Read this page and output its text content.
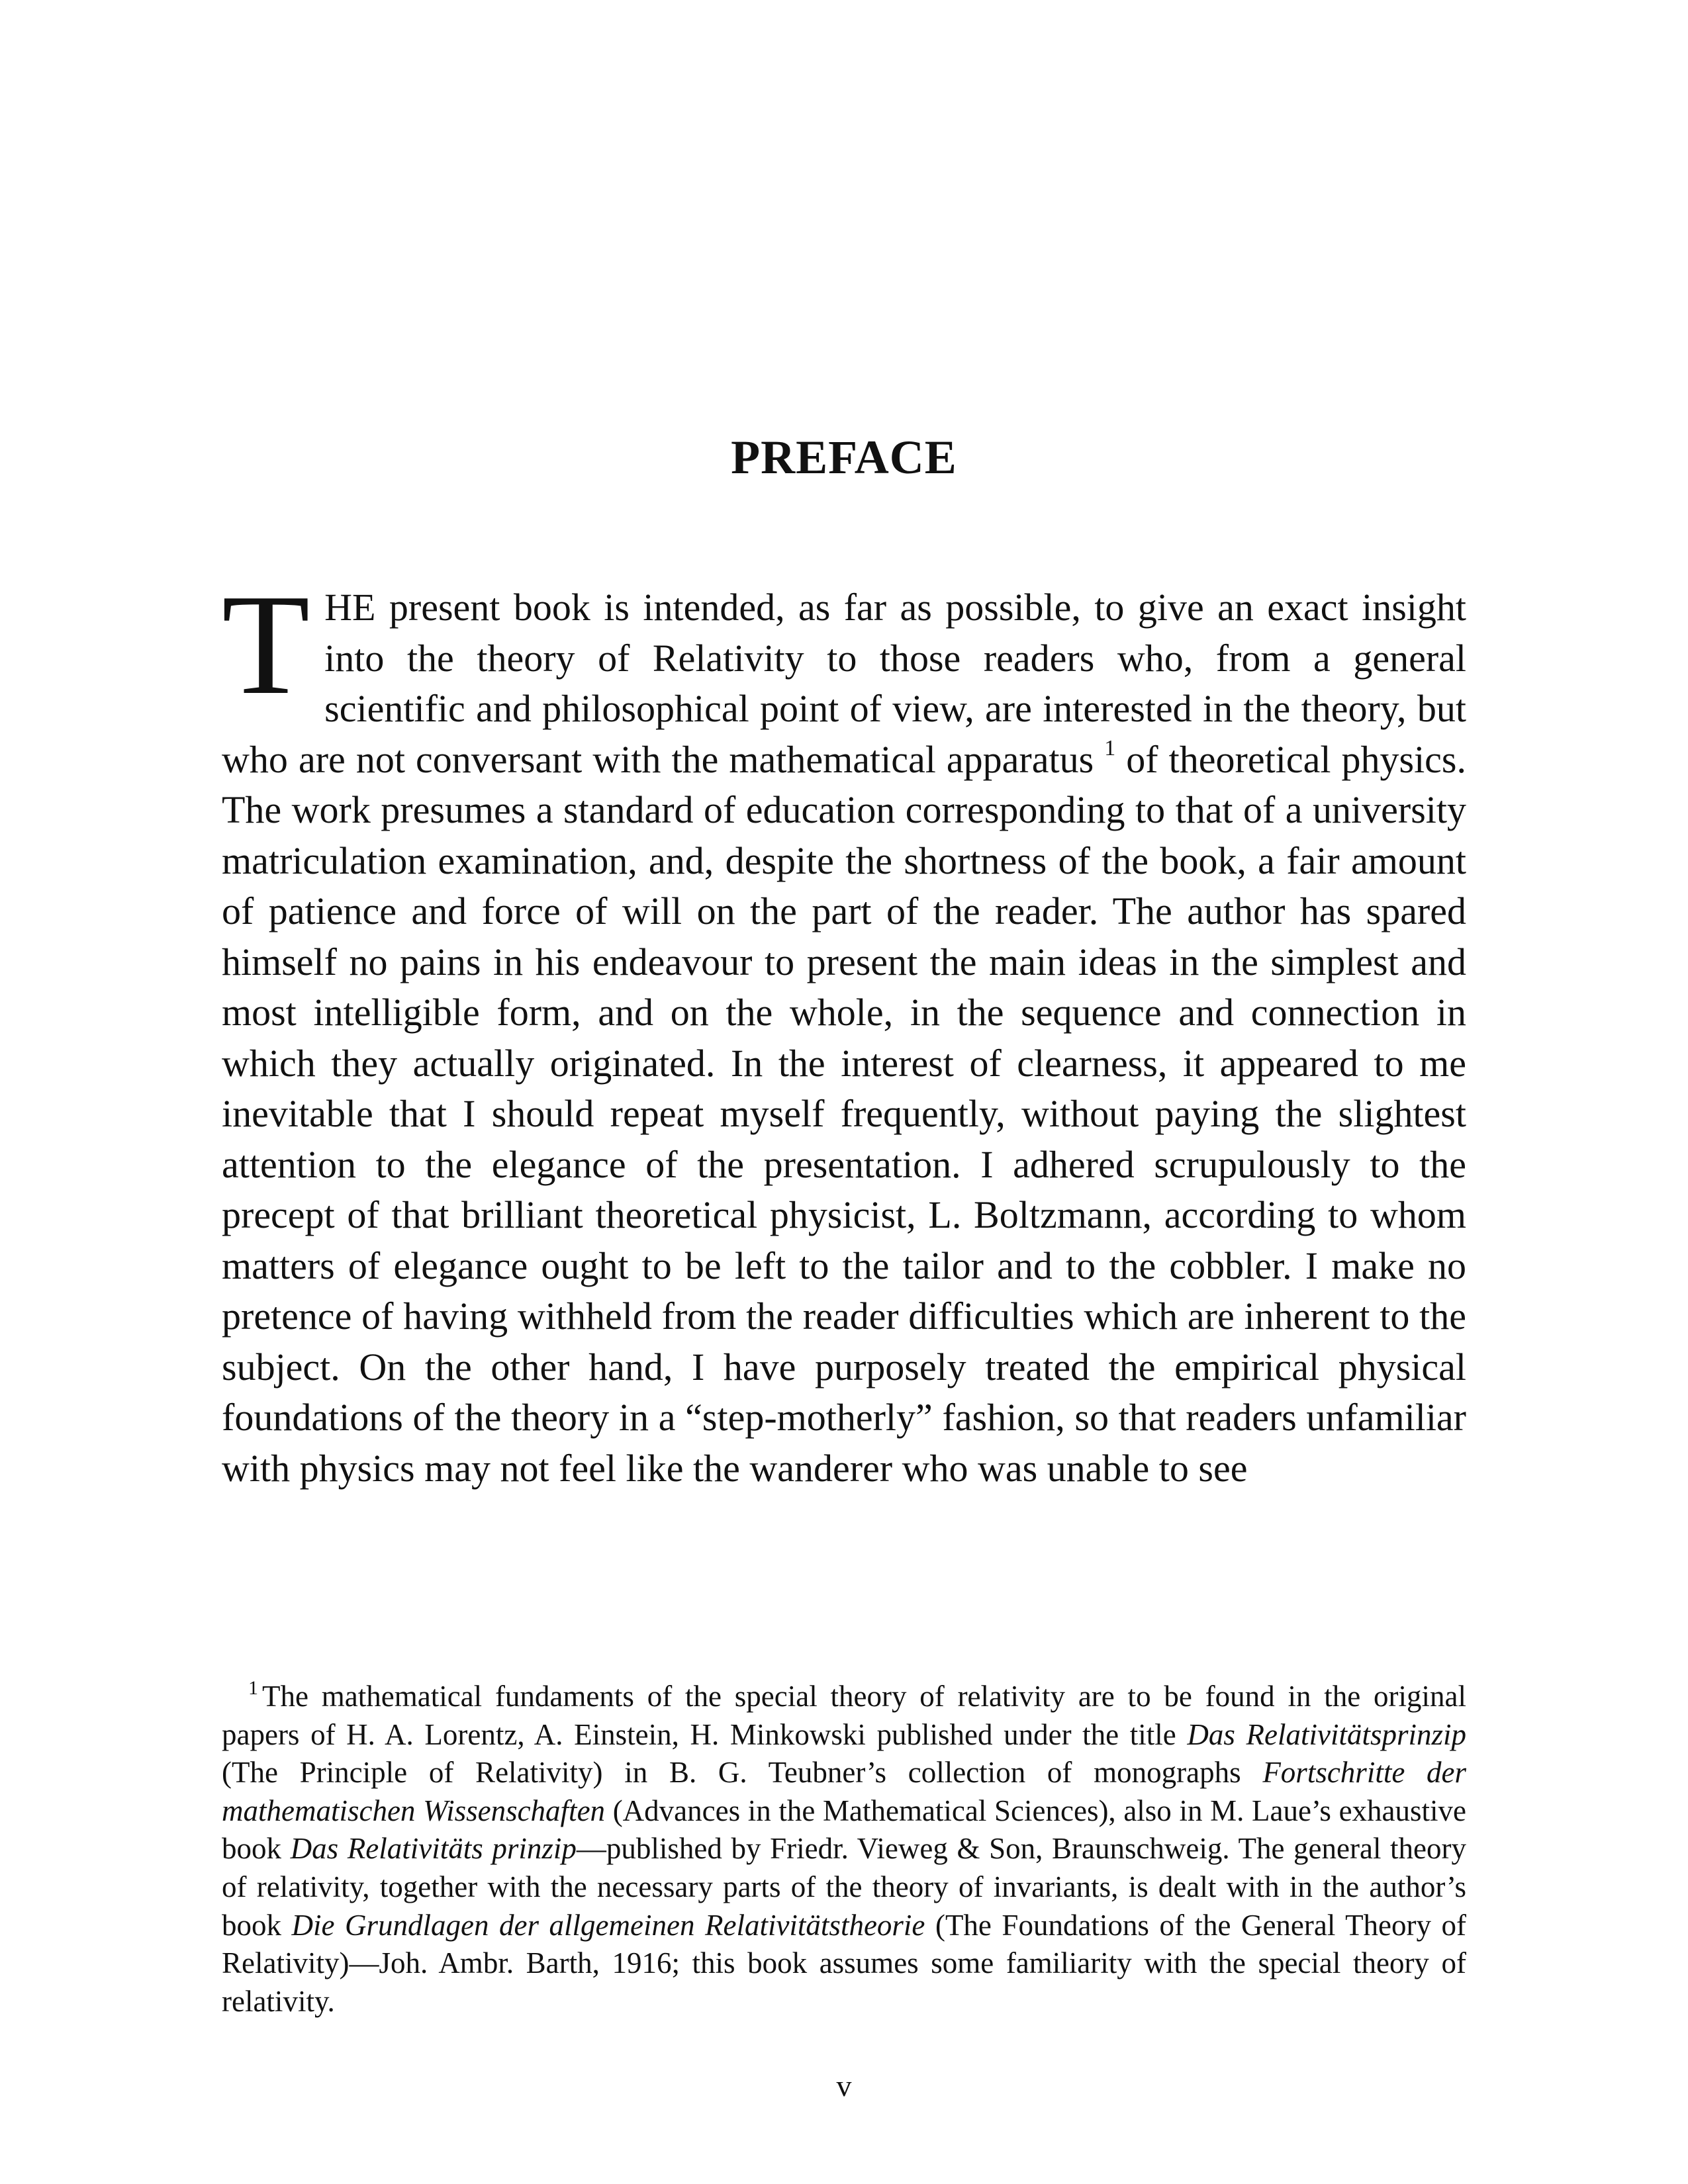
PREFACE

THE present book is intended, as far as possible, to give an exact insight into the theory of Relativity to those readers who, from a general scientific and philosophical point of view, are interested in the theory, but who are not conversant with the mathematical apparatus $^1$ of theoretical physics. The work presumes a standard of education corresponding to that of a university matriculation examination, and, despite the shortness of the book, a fair amount of patience and force of will on the part of the reader. The author has spared himself no pains in his endeavour to present the main ideas in the simplest and most intelligible form, and on the whole, in the sequence and connection in which they actually originated. In the interest of clearness, it appeared to me inevitable that I should repeat myself frequently, without paying the slightest attention to the elegance of the presentation. I adhered scrupulously to the precept of that brilliant theoretical physicist, L. Boltzmann, according to whom matters of elegance ought to be left to the tailor and to the cobbler. I make no pretence of having withheld from the reader difficulties which are inherent to the subject. On the other hand, I have purposely treated the empirical physical foundations of the theory in a “step-motherly” fashion, so that readers unfamiliar with physics may not feel like the wanderer who was unable to see

$^1$ The mathematical fundaments of the special theory of relativity are to be found in the original papers of H. A. Lorentz, A. Einstein, H. Minkowski published under the title Das Relativitätsprinzip (The Principle of Relativity) in B. G. Teubner’s collection of monographs Fortschritte der mathematischen Wissenschaften (Advances in the Mathematical Sciences), also in M. Laue’s exhaustive book Das Relativitäts prinzip—published by Friedr. Vieweg & Son, Braunschweig. The general theory of relativity, together with the necessary parts of the theory of invariants, is dealt with in the author’s book Die Grundlagen der allgemeinen Relativitätstheorie (The Foundations of the General Theory of Relativity)—Joh. Ambr. Barth, 1916; this book assumes some familiarity with the special theory of relativity.

v
